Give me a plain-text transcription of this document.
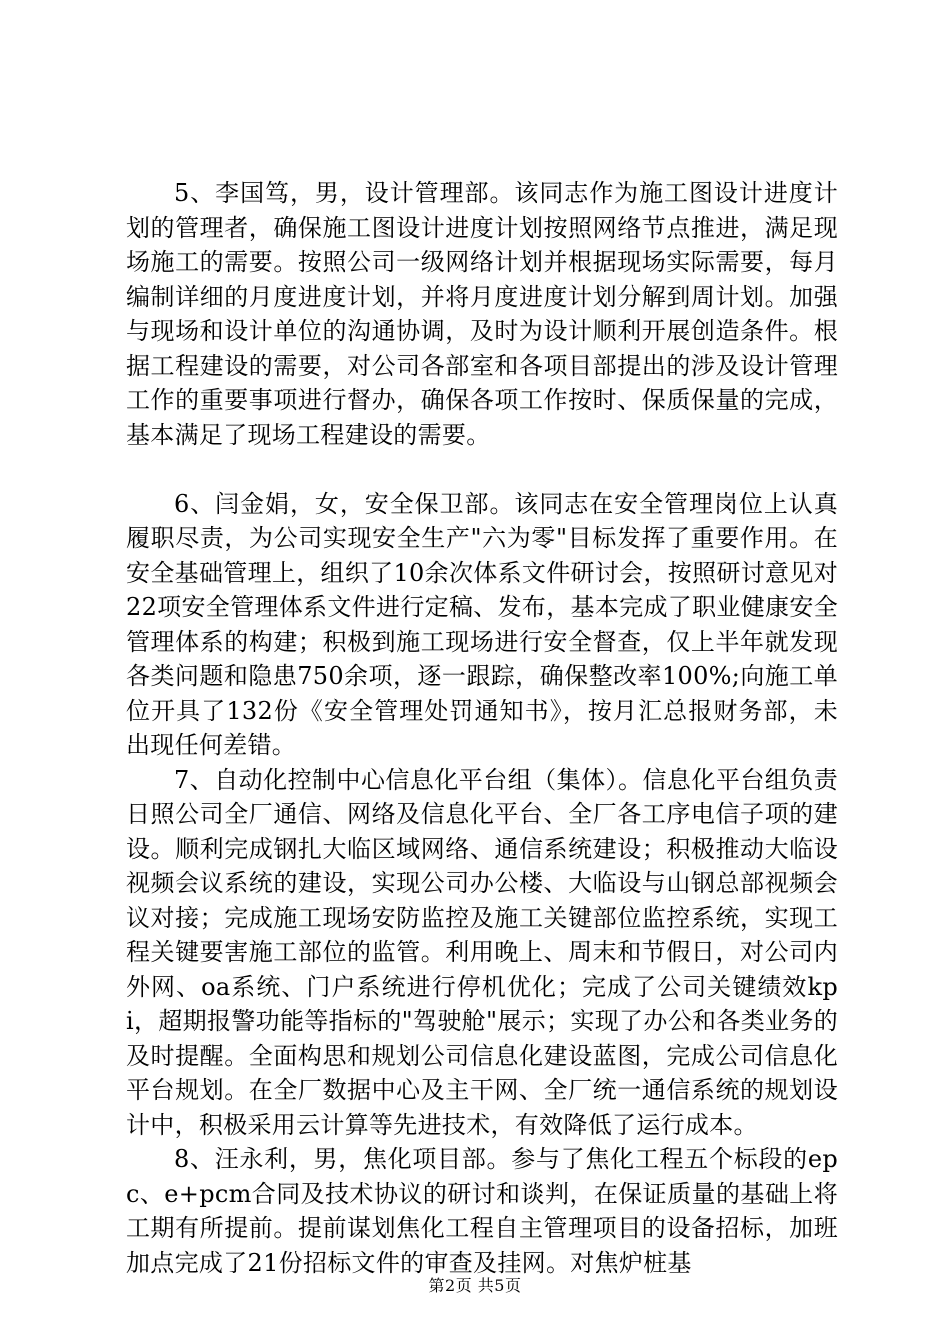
5、李国笃，男，设计管理部。该同志作为施工图设计进度计划的管理者，确保施工图设计进度计划按照网络节点推进，满足现场施工的需要。按照公司一级网络计划并根据现场实际需要，每月编制详细的月度进度计划，并将月度进度计划分解到周计划。加强与现场和设计单位的沟通协调，及时为设计顺利开展创造条件。根据工程建设的需要，对公司各部室和各项目部提出的涉及设计管理工作的重要事项进行督办，确保各项工作按时、保质保量的完成，基本满足了现场工程建设的需要。

6、闫金娟，女，安全保卫部。该同志在安全管理岗位上认真履职尽责，为公司实现安全生产"六为零"目标发挥了重要作用。在安全基础管理上，组织了10余次体系文件研讨会，按照研讨意见对22项安全管理体系文件进行定稿、发布，基本完成了职业健康安全管理体系的构建；积极到施工现场进行安全督查，仅上半年就发现各类问题和隐患750余项，逐一跟踪，确保整改率100%;向施工单位开具了132份《安全管理处罚通知书》，按月汇总报财务部，未出现任何差错。

7、自动化控制中心信息化平台组（集体）。信息化平台组负责日照公司全厂通信、网络及信息化平台、全厂各工序电信子项的建设。顺利完成钢扎大临区域网络、通信系统建设；积极推动大临设视频会议系统的建设，实现公司办公楼、大临设与山钢总部视频会议对接；完成施工现场安防监控及施工关键部位监控系统，实现工程关键要害施工部位的监管。利用晚上、周末和节假日，对公司内外网、oa系统、门户系统进行停机优化；完成了公司关键绩效kpi，超期报警功能等指标的"驾驶舱"展示；实现了办公和各类业务的及时提醒。全面构思和规划公司信息化建设蓝图，完成公司信息化平台规划。在全厂数据中心及主干网、全厂统一通信系统的规划设计中，积极采用云计算等先进技术，有效降低了运行成本。

8、汪永利，男，焦化项目部。参与了焦化工程五个标段的epc、e+pcm合同及技术协议的研讨和谈判，在保证质量的基础上将工期有所提前。提前谋划焦化工程自主管理项目的设备招标，加班加点完成了21份招标文件的审查及挂网。对焦炉桩基

第2页 共5页
